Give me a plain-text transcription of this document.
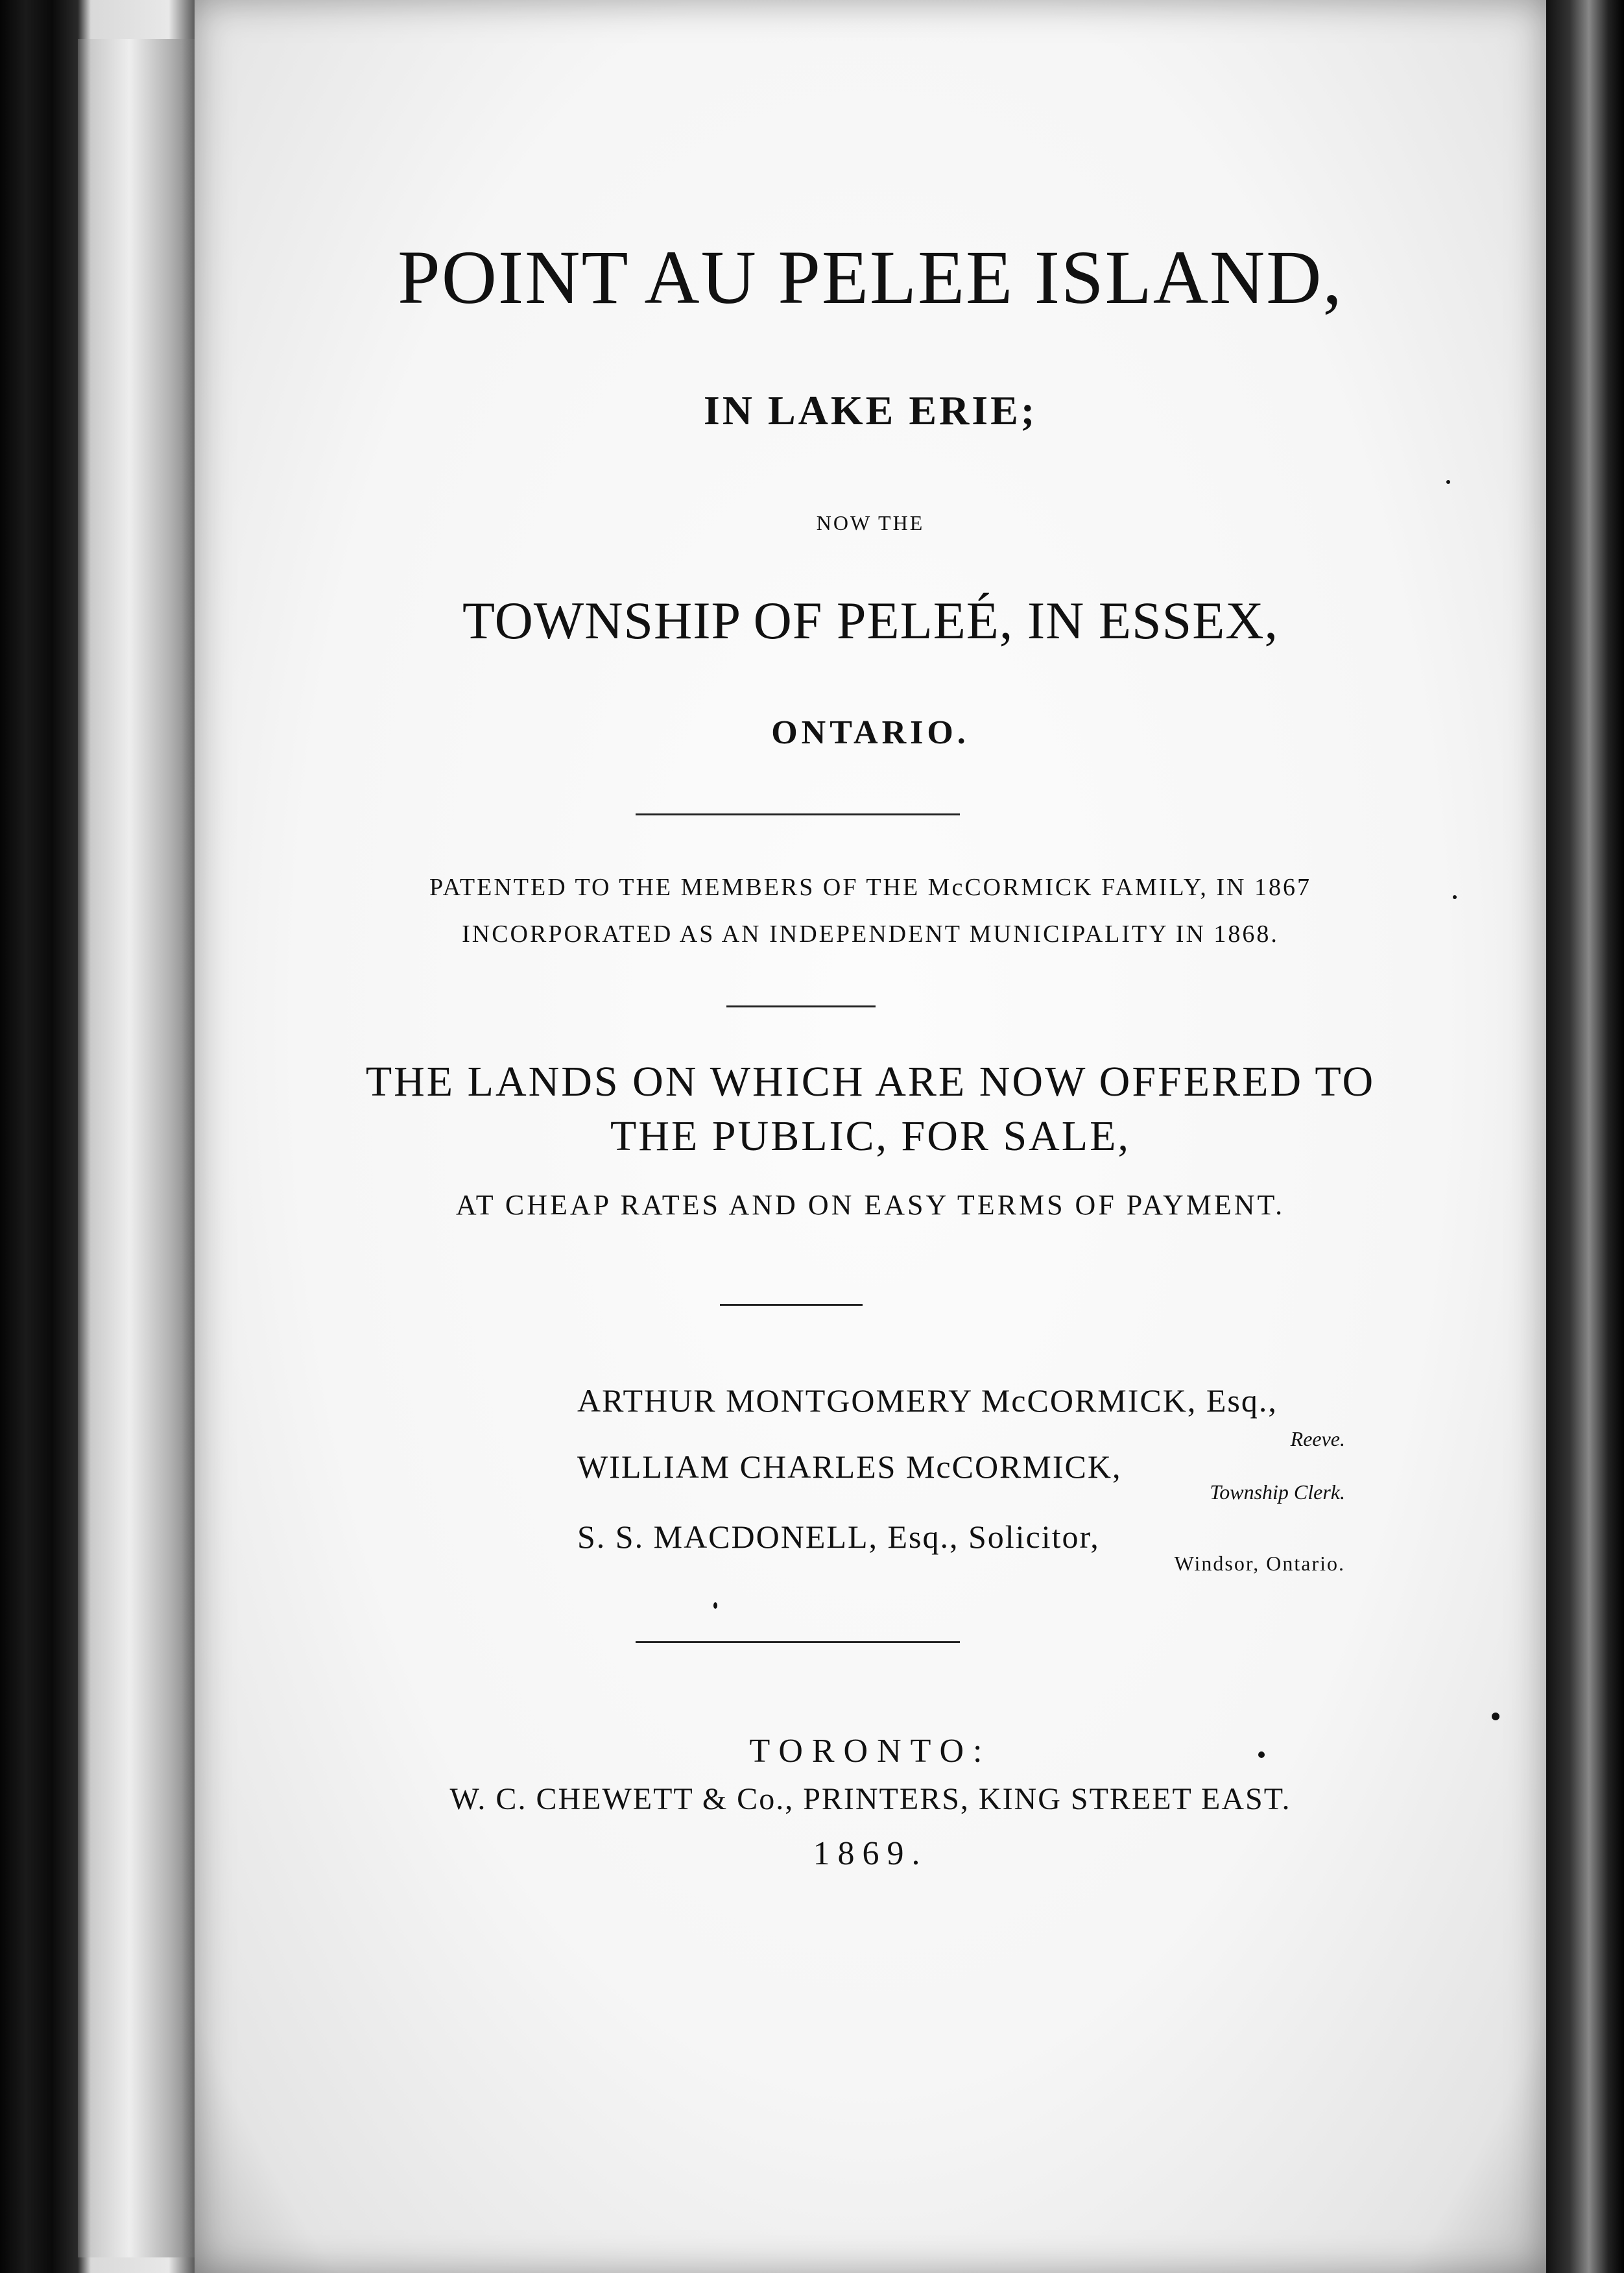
POINT AU PELEE ISLAND,
IN LAKE ERIE;
NOW THE
TOWNSHIP OF PELEÉ, IN ESSEX,
ONTARIO.
PATENTED TO THE MEMBERS OF THE McCORMICK FAMILY, IN 1867
INCORPORATED AS AN INDEPENDENT MUNICIPALITY IN 1868.
THE LANDS ON WHICH ARE NOW OFFERED TO
THE PUBLIC, FOR SALE,
AT CHEAP RATES AND ON EASY TERMS OF PAYMENT.
ARTHUR MONTGOMERY McCORMICK, Esq.,
Reeve.
WILLIAM CHARLES McCORMICK,
Township Clerk.
S. S. MACDONELL, Esq., Solicitor,
Windsor, Ontario.
TORONTO:
W. C. CHEWETT & Co., PRINTERS, KING STREET EAST.
1869.
